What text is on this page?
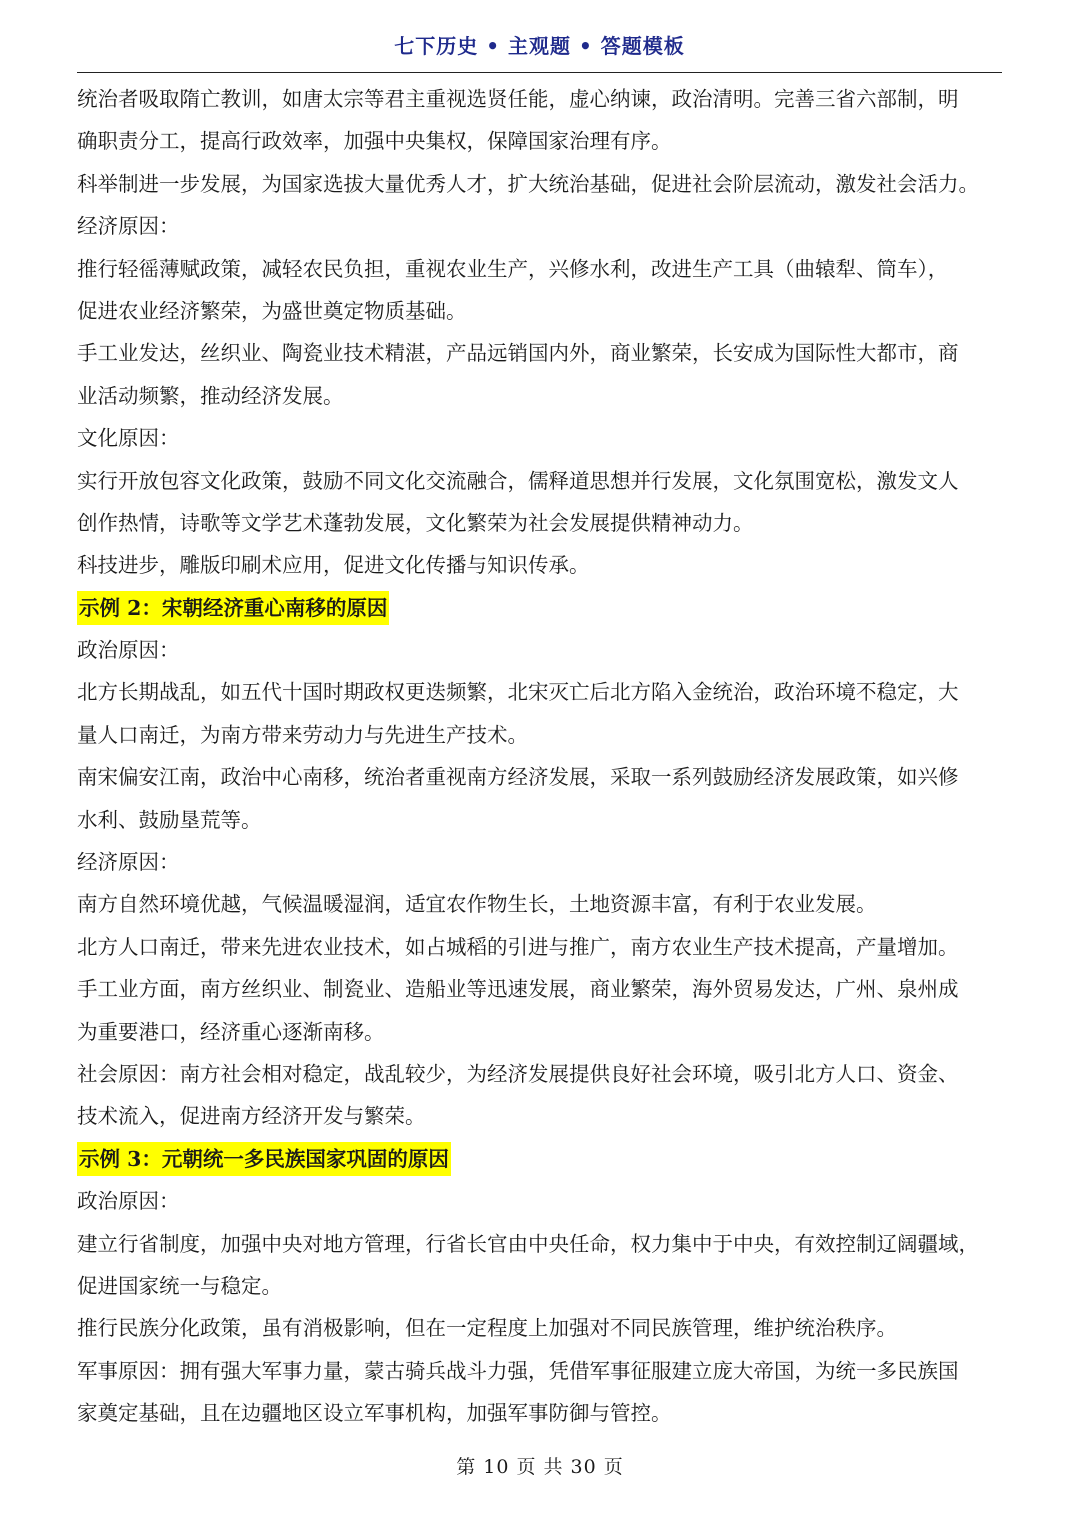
七下历史 • 主观题 • 答题模板
统治者吸取隋亡教训，如唐太宗等君主重视选贤任能，虚心纳谏，政治清明。完善三省六部制，明
确职责分工，提高行政效率，加强中央集权，保障国家治理有序。
科举制进一步发展，为国家选拔大量优秀人才，扩大统治基础，促进社会阶层流动，激发社会活力。
经济原因：
推行轻徭薄赋政策，减轻农民负担，重视农业生产，兴修水利，改进生产工具（曲辕犁、筒车），
促进农业经济繁荣，为盛世奠定物质基础。
手工业发达，丝织业、陶瓷业技术精湛，产品远销国内外，商业繁荣，长安成为国际性大都市，商
业活动频繁，推动经济发展。
文化原因：
实行开放包容文化政策，鼓励不同文化交流融合，儒释道思想并行发展，文化氛围宽松，激发文人
创作热情，诗歌等文学艺术蓬勃发展，文化繁荣为社会发展提供精神动力。
科技进步，雕版印刷术应用，促进文化传播与知识传承。
示例 2：宋朝经济重心南移的原因
政治原因：
北方长期战乱，如五代十国时期政权更迭频繁，北宋灭亡后北方陷入金统治，政治环境不稳定，大
量人口南迁，为南方带来劳动力与先进生产技术。
南宋偏安江南，政治中心南移，统治者重视南方经济发展，采取一系列鼓励经济发展政策，如兴修
水利、鼓励垦荒等。
经济原因：
南方自然环境优越，气候温暖湿润，适宜农作物生长，土地资源丰富，有利于农业发展。
北方人口南迁，带来先进农业技术，如占城稻的引进与推广，南方农业生产技术提高，产量增加。
手工业方面，南方丝织业、制瓷业、造船业等迅速发展，商业繁荣，海外贸易发达，广州、泉州成
为重要港口，经济重心逐渐南移。
社会原因：南方社会相对稳定，战乱较少，为经济发展提供良好社会环境，吸引北方人口、资金、
技术流入，促进南方经济开发与繁荣。
示例 3：元朝统一多民族国家巩固的原因
政治原因：
建立行省制度，加强中央对地方管理，行省长官由中央任命，权力集中于中央，有效控制辽阔疆域，
促进国家统一与稳定。
推行民族分化政策，虽有消极影响，但在一定程度上加强对不同民族管理，维护统治秩序。
军事原因：拥有强大军事力量，蒙古骑兵战斗力强，凭借军事征服建立庞大帝国，为统一多民族国
家奠定基础，且在边疆地区设立军事机构，加强军事防御与管控。
第 10 页 共 30 页
